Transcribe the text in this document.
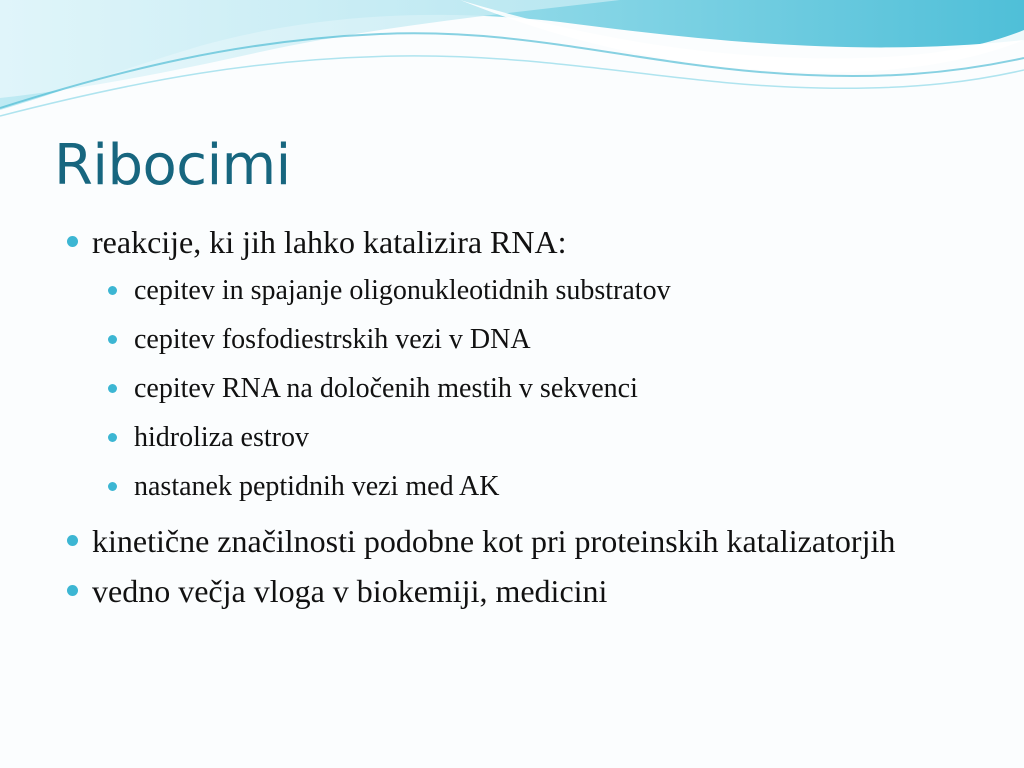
Ribocimi
reakcije, ki jih lahko katalizira RNA:
cepitev in spajanje oligonukleotidnih substratov
cepitev fosfodiestrskih vezi v DNA
cepitev RNA na določenih mestih v sekvenci
hidroliza estrov
nastanek peptidnih vezi med AK
kinetične značilnosti podobne kot pri proteinskih katalizatorjih
vedno večja vloga v biokemiji, medicini
